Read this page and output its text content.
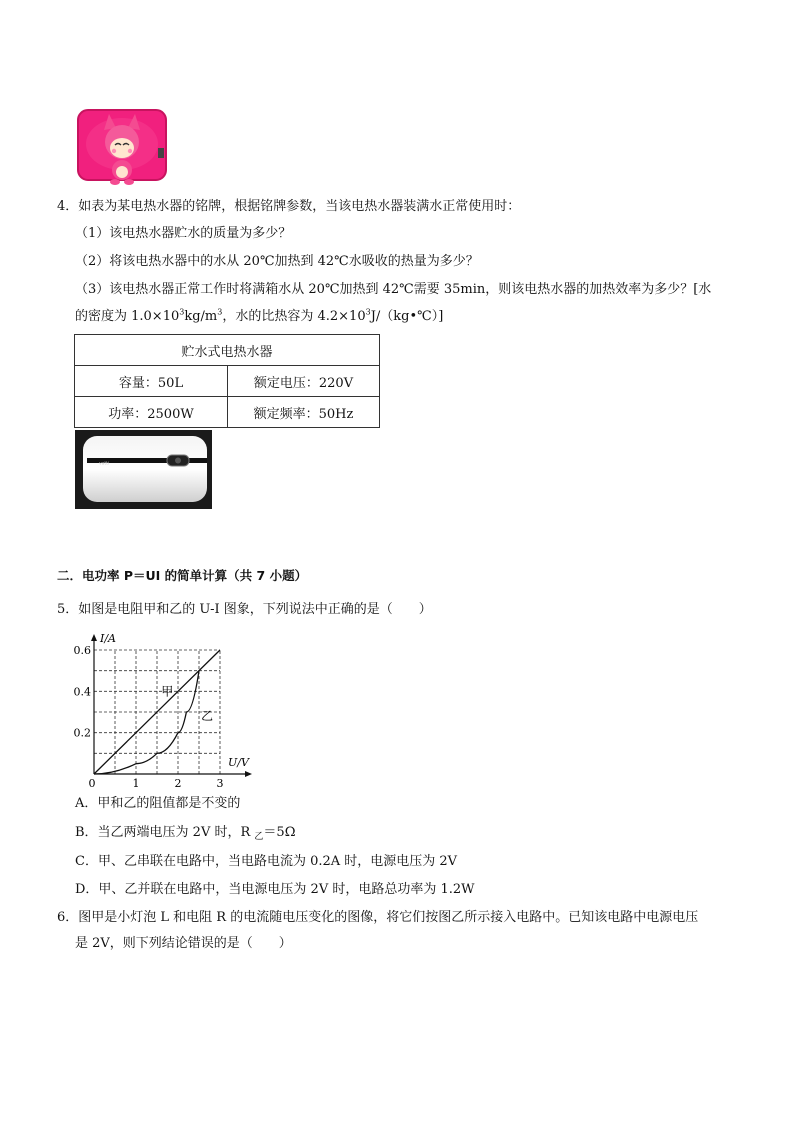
4．如表为某电热水器的铭牌，根据铭牌参数，当该电热水器装满水正常使用时：
（1）该电热水器贮水的质量为多少？
（2）将该电热水器中的水从 20℃加热到 42℃水吸收的热量为多少？
（3）该电热水器正常工作时将满箱水从 20℃加热到 42℃需要 35min，则该电热水器的加热效率为多少？[水
的密度为 $1.0\times 10^3kg/m^3$，水的比热容为 $4.2\times 10^3J/(kg•℃)$]
贮水式电热水器	
容量：50L	额定电压：220V
功率：2500W	额定频率：50Hz
vatti
二．电功率 P＝UI 的简单计算（共 7 小题）
5．如图是电阻甲和乙的 U-I 图象，下列说法中正确的是（　　）
I/A
U/V
0.6
0.4
0.2
0	1	2	3
甲
乙
A．甲和乙的阻值都是不变的
B．当乙两端电压为 2V 时，R $_乙$＝5Ω
C．甲、乙串联在电路中，当电路电流为 0.2A 时，电源电压为 2V
D．甲、乙并联在电路中，当电源电压为 2V 时，电路总功率为 1.2W
6．图甲是小灯泡 L 和电阻 R 的电流随电压变化的图像，将它们按图乙所示接入电路中。已知该电路中电源电压
是 2V，则下列结论错误的是（　　）
